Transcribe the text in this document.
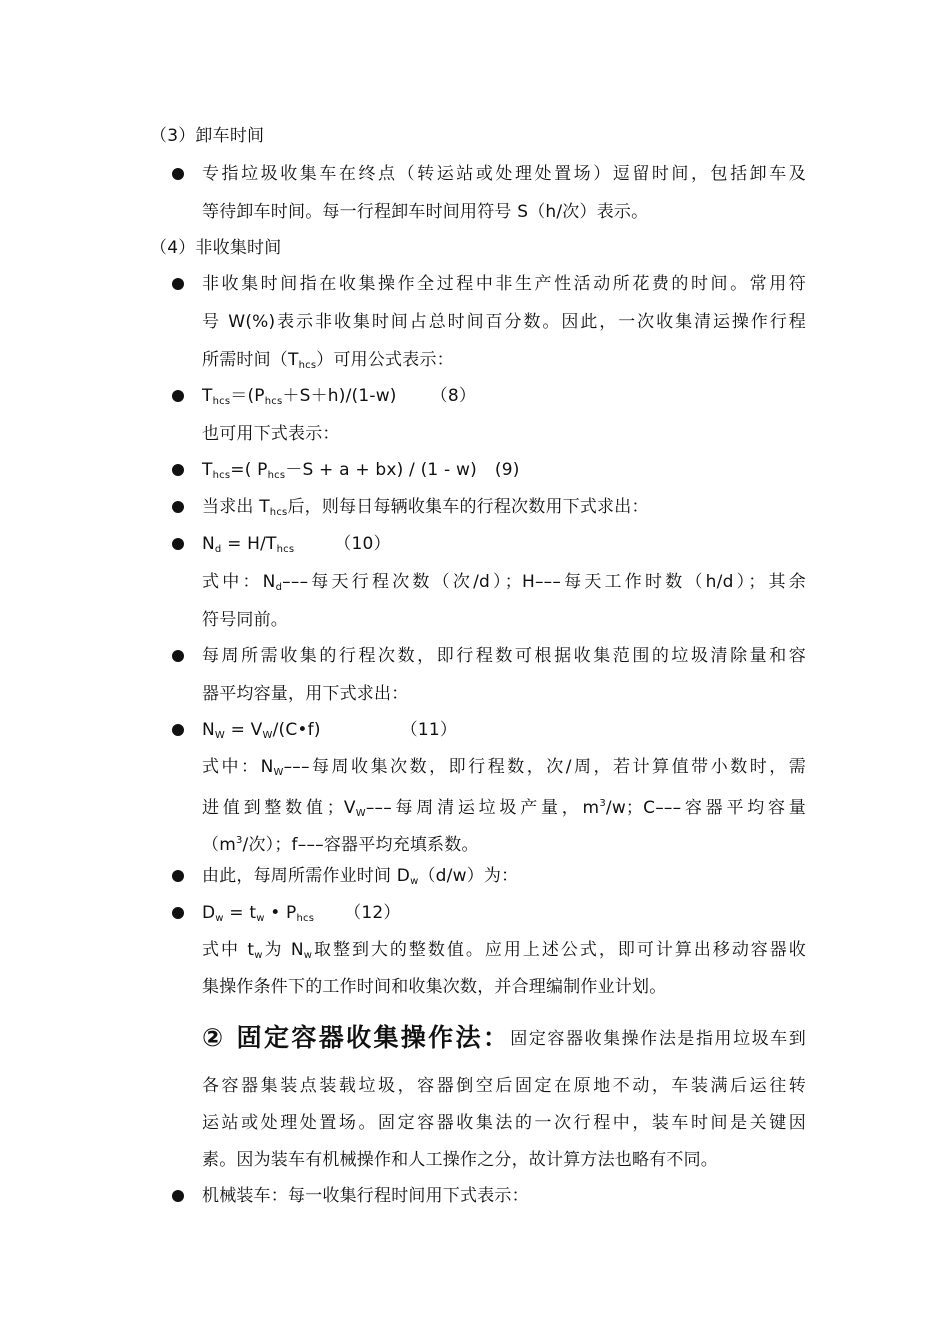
（3）卸车时间
专指垃圾收集车在终点（转运站或处理处置场）逗留时间，包括卸车及
等待卸车时间。每一行程卸车时间用符号 S（h/次）表示。
（4）非收集时间
非收集时间指在收集操作全过程中非生产性活动所花费的时间。常用符
号 W(%)表示非收集时间占总时间百分数。因此，一次收集清运操作行程
所需时间$(T_{hcs})$可用公式表示：
$T_{hcs}=(P_{hcs}+S+h)/(1-w)$ （8）
也可用下式表示：
$T_{hcs}=$( $P_{hcs}-S + a + bx) / (1 - w)$ (9)
当求出 $T_{hcs}$后，则每日每辆收集车的行程次数用下式求出：
$N_d = H/T_{hcs}$ （10）
式中：$N_d---$每天行程次数（次/d）；H–––每天工作时数（h/d）；其余
符号同前。
每周所需收集的行程次数，即行程数可根据收集范围的垃圾清除量和容
器平均容量，用下式求出：
$N_W$ = $V_W/(C•f)$	（11）
式中：$N_W---$每周收集次数，即行程数，次/周，若计算值带小数时，需
进值到整数值；$V_W---$每周清运垃圾产量，$m^3/w$；C–––容器平均容量
（$m^3/$次）；f–––容器平均充填系数。
由此，每周所需作业时间 $D_w(d/w)$为：
$D_w = t_w$ • $P_{hcs}$ （12）
式中 $t_w$为 $N_w$取整到大的整数值。应用上述公式，即可计算出移动容器收
集操作条件下的工作时间和收集次数，并合理编制作业计划。
② 固定容器收集操作法：固定容器收集操作法是指用垃圾车到
各容器集装点装载垃圾，容器倒空后固定在原地不动，车装满后运往转
运站或处理处置场。固定容器收集法的一次行程中，装车时间是关键因
素。因为装车有机械操作和人工操作之分，故计算方法也略有不同。
机械装车：每一收集行程时间用下式表示：
